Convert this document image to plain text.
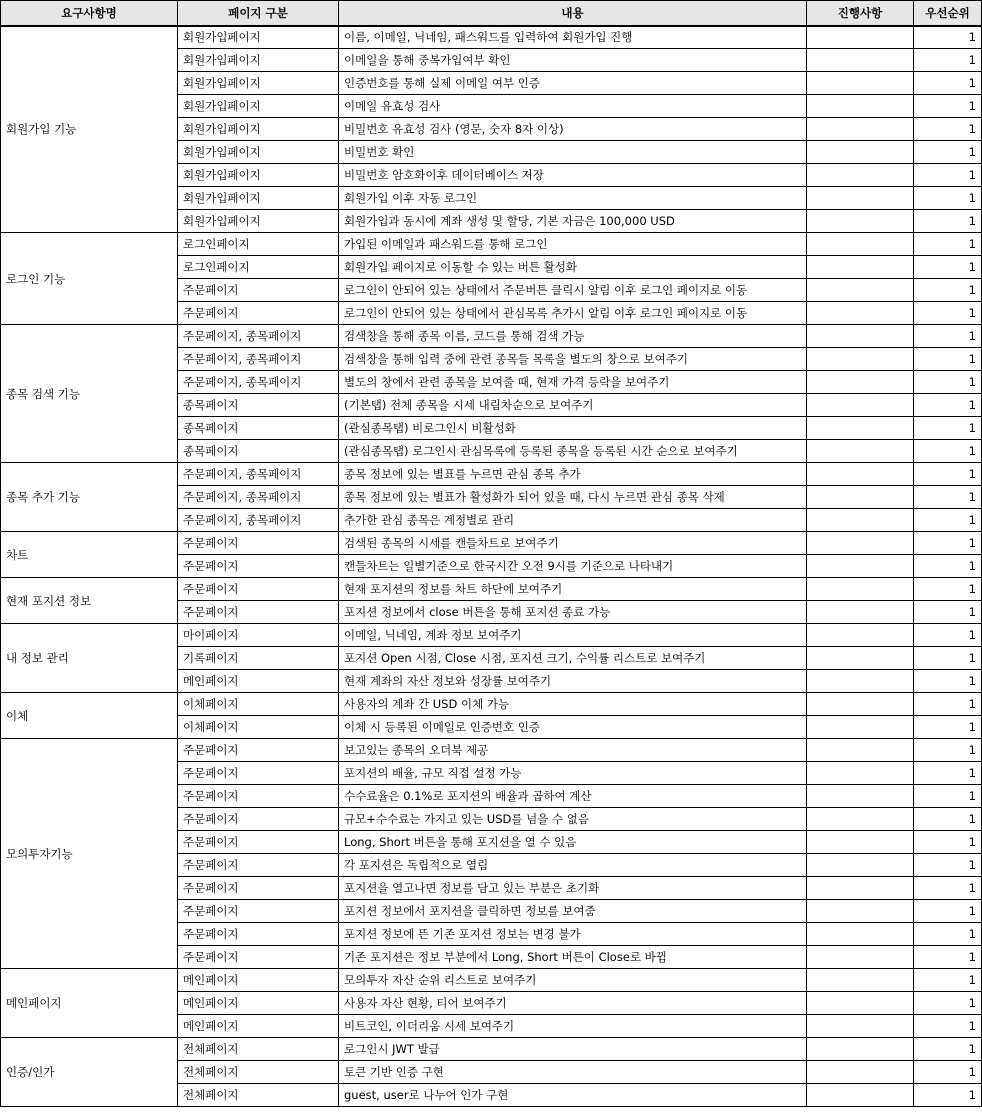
요구사항명	페이지 구분	내용	진행사항	우선순위
회원가입 기능	회원가입페이지	이름, 이메일, 닉네임, 패스워드를 입력하여 회원가입 진행		1
	회원가입페이지	이메일을 통해 중복가입여부 확인		1
	회원가입페이지	인증번호를 통해 실제 이메일 여부 인증		1
	회원가입페이지	이메일 유효성 검사		1
	회원가입페이지	비밀번호 유효성 검사 (영문, 숫자 8자 이상)		1
	회원가입페이지	비밀번호 확인		1
	회원가입페이지	비밀번호 암호화이후 데이터베이스 저장		1
	회원가입페이지	회원가입 이후 자동 로그인		1
	회원가입페이지	회원가입과 동시에 계좌 생성 및 할당, 기본 자금은 100,000 USD		1
로그인 기능	로그인페이지	가입된 이메일과 패스워드를 통해 로그인		1
	로그인페이지	회원가입 페이지로 이동할 수 있는 버튼 활성화		1
	주문페이지	로그인이 안되어 있는 상태에서 주문버튼 클릭시 알림 이후 로그인 페이지로 이동		1
	주문페이지	로그인이 안되어 있는 상태에서 관심목록 추가시 알림 이후 로그인 페이지로 이동		1
종목 검색 기능	주문페이지, 종목페이지	검색창을 통해 종목 이름, 코드를 통해 검색 가능		1
	주문페이지, 종목페이지	검색창을 통해 입력 중에 관련 종목들 목록을 별도의 창으로 보여주기		1
	주문페이지, 종목페이지	별도의 창에서 관련 종목을 보여줄 때, 현재 가격 등락을 보여주기		1
	종목페이지	(기본탭) 전체 종목을 시세 내림차순으로 보여주기		1
	종목페이지	(관심종목탭) 비로그인시 비활성화		1
	종목페이지	(관심종목탭) 로그인시 관심목록에 등록된 종목을 등록된 시간 순으로 보여주기		1
종목 추가 기능	주문페이지, 종목페이지	종목 정보에 있는 별표를 누르면 관심 종목 추가		1
	주문페이지, 종목페이지	종목 정보에 있는 별표가 활성화가 되어 있을 때, 다시 누르면 관심 종목 삭제		1
	주문페이지, 종목페이지	추가한 관심 종목은 계정별로 관리		1
차트	주문페이지	검색된 종목의 시세를 캔들차트로 보여주기		1
	주문페이지	캔들차트는 일별기준으로 한국시간 오전 9시를 기준으로 나타내기		1
현재 포지션 정보	주문페이지	현재 포지션의 정보를 차트 하단에 보여주기		1
	주문페이지	포지션 정보에서 close 버튼을 통해 포지션 종료 가능		1
내 정보 관리	마이페이지	이메일, 닉네임, 계좌 정보 보여주기		1
	기록페이지	포지션 Open 시점, Close 시점, 포지션 크기, 수익률 리스트로 보여주기		1
	메인페이지	현재 계좌의 자산 정보와 성장률 보여주기		1
이체	이체페이지	사용자의 계좌 간 USD 이체 가능		1
	이체페이지	이체 시 등록된 이메일로 인증번호 인증		1
모의투자기능	주문페이지	보고있는 종목의 오더북 제공		1
	주문페이지	포지션의 배율, 규모 직접 설정 가능		1
	주문페이지	수수료율은 0.1%로 포지션의 배율과 곱하여 계산		1
	주문페이지	규모+수수료는 가지고 있는 USD를 넘을 수 없음		1
	주문페이지	Long, Short 버튼을 통해 포지션을 열 수 있음		1
	주문페이지	각 포지션은 독립적으로 열림		1
	주문페이지	포지션을 열고나면 정보를 담고 있는 부분은 초기화		1
	주문페이지	포지션 정보에서 포지션을 클릭하면 정보를 보여줌		1
	주문페이지	포지션 정보에 뜬 기존 포지션 정보는 변경 불가		1
	주문페이지	기존 포지션은 정보 부분에서 Long, Short 버튼이 Close로 바뀜		1
메인페이지	메인페이지	모의투자 자산 순위 리스트로 보여주기		1
	메인페이지	사용자 자산 현황, 티어 보여주기		1
	메인페이지	비트코인, 이더리움 시세 보여주기		1
인증/인가	전체페이지	로그인시 JWT 발급		1
	전체페이지	토큰 기반 인증 구현		1
	전체페이지	guest, user로 나누어 인가 구현		1
